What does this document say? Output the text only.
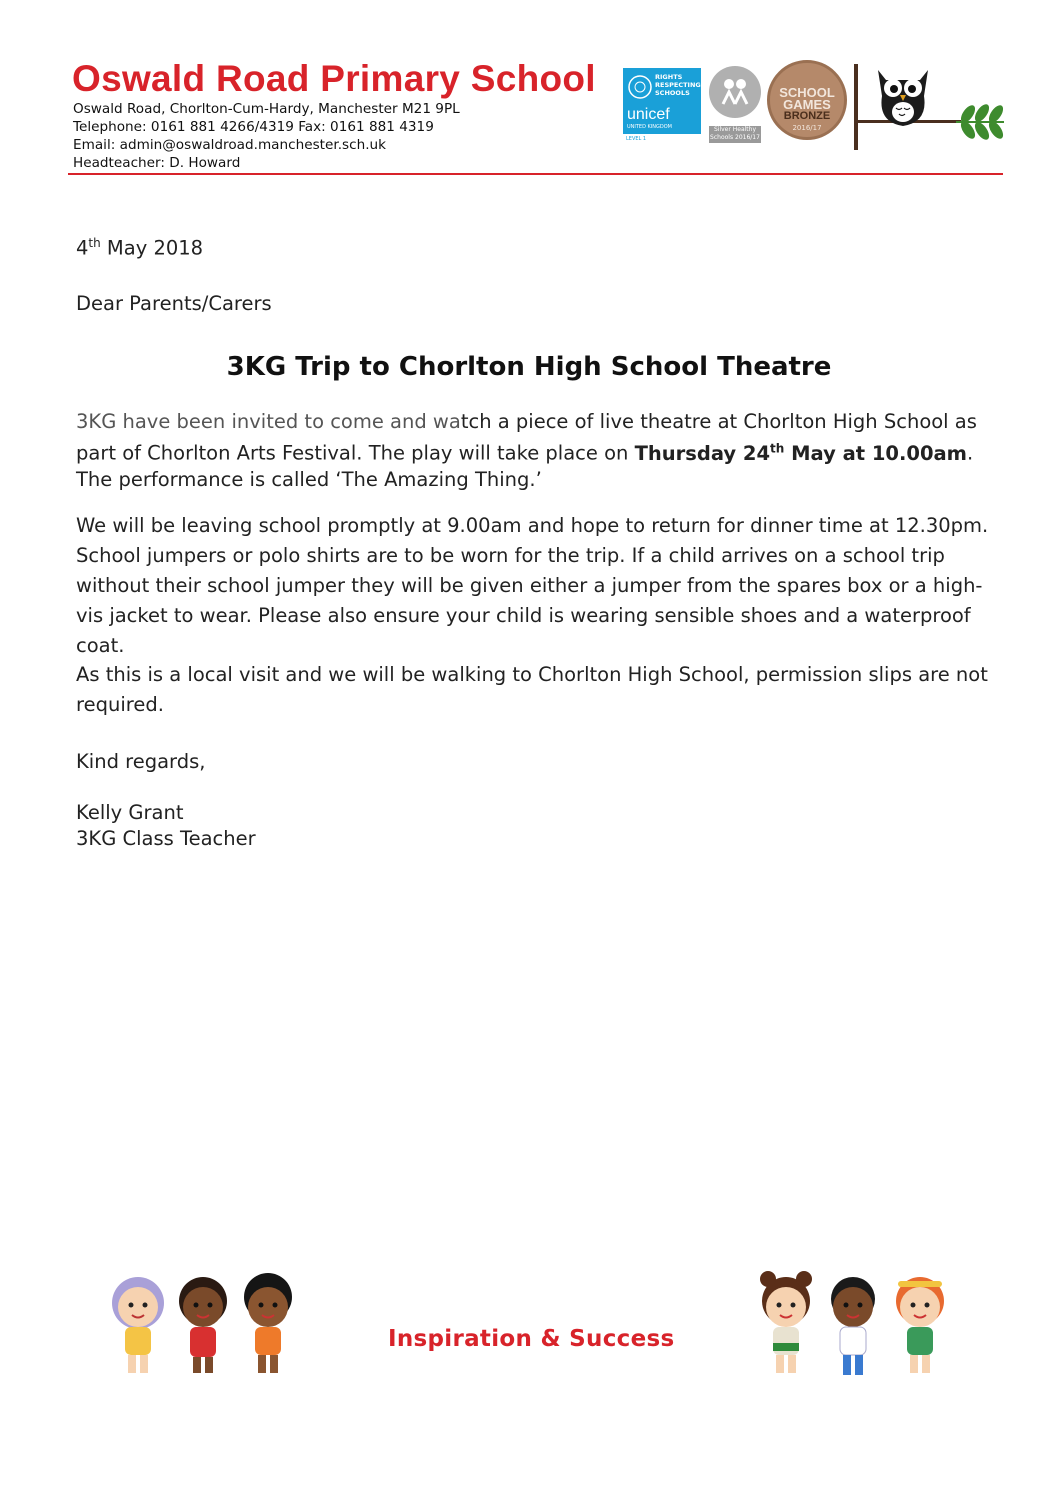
Oswald Road Primary School
Oswald Road, Chorlton-Cum-Hardy, Manchester M21 9PL
Telephone: 0161 881 4266/4319 Fax: 0161 881 4319
Email: admin@oswaldroad.manchester.sch.uk
Headteacher: D. Howard
RIGHTS
RESPECTING
SCHOOLS
unicef
UNITED KINGDOM
LEVEL 1
Silver Healthy Schools 2016/17
SCHOOL
GAMES
BRONZE
2016/17
4th May 2018
Dear Parents/Carers
3KG Trip to Chorlton High School Theatre
3KG have been invited to come and watch a piece of live theatre at Chorlton High School as part of Chorlton Arts Festival. The play will take place on Thursday 24th May at 10.00am. The performance is called ‘The Amazing Thing.’
We will be leaving school promptly at 9.00am and hope to return for dinner time at 12.30pm. School jumpers or polo shirts are to be worn for the trip. If a child arrives on a school trip without their school jumper they will be given either a jumper from the spares box or a high-vis jacket to wear. Please also ensure your child is wearing sensible shoes and a waterproof coat.
As this is a local visit and we will be walking to Chorlton High School, permission slips are not required.
Kind regards,
Kelly Grant
3KG Class Teacher
Inspiration & Success
